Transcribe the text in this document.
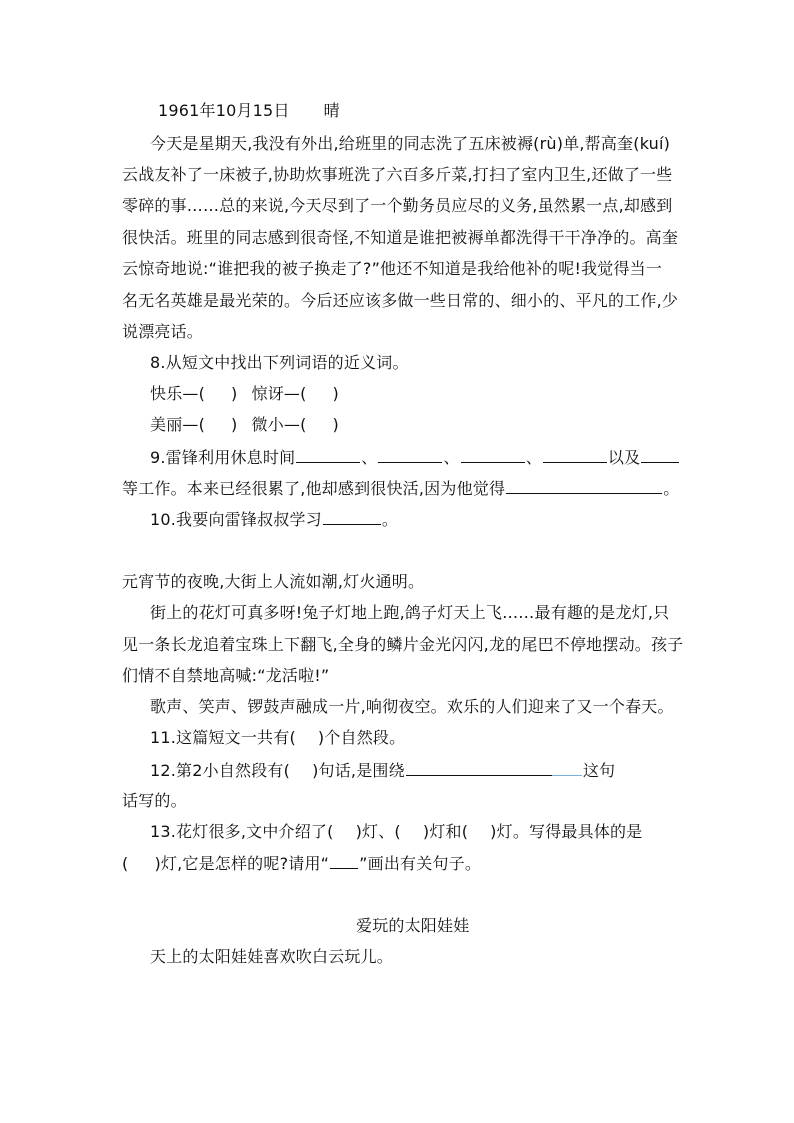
1961年10月15日 晴
今天是星期天,我没有外出,给班里的同志洗了五床被褥(rù)单,帮高奎(kuí)
云战友补了一床被子,协助炊事班洗了六百多斤菜,打扫了室内卫生,还做了一些
零碎的事……总的来说,今天尽到了一个勤务员应尽的义务,虽然累一点,却感到
很快活。班里的同志感到很奇怪,不知道是谁把被褥单都洗得干干净净的。高奎
云惊奇地说:“谁把我的被子换走了?”他还不知道是我给他补的呢!我觉得当一
名无名英雄是最光荣的。今后还应该多做一些日常的、细小的、平凡的工作,少
说漂亮话。
8.从短文中找出下列词语的近义词。
快乐—( ) 惊讶—( )
美丽—( ) 微小—( )
9.雷锋利用休息时间	、	、	、	以及
等工作。本来已经很累了,他却感到很快活,因为他觉得	。
10.我要向雷锋叔叔学习	。
元宵节的夜晚,大街上人流如潮,灯火通明。
街上的花灯可真多呀!兔子灯地上跑,鸽子灯天上飞……最有趣的是龙灯,只
见一条长龙追着宝珠上下翻飞,全身的鳞片金光闪闪,龙的尾巴不停地摆动。孩子
们情不自禁地高喊:“龙活啦!”
歌声、笑声、锣鼓声融成一片,响彻夜空。欢乐的人们迎来了又一个春天。
11.这篇短文一共有( )个自然段。
12.第2小自然段有( )句话,是围绕	这句
话写的。
13.花灯很多,文中介绍了( )灯、( )灯和( )灯。写得最具体的是
( )灯,它是怎样的呢?请用“ ”画出有关句子。
爱玩的太阳娃娃
天上的太阳娃娃喜欢吹白云玩儿。
